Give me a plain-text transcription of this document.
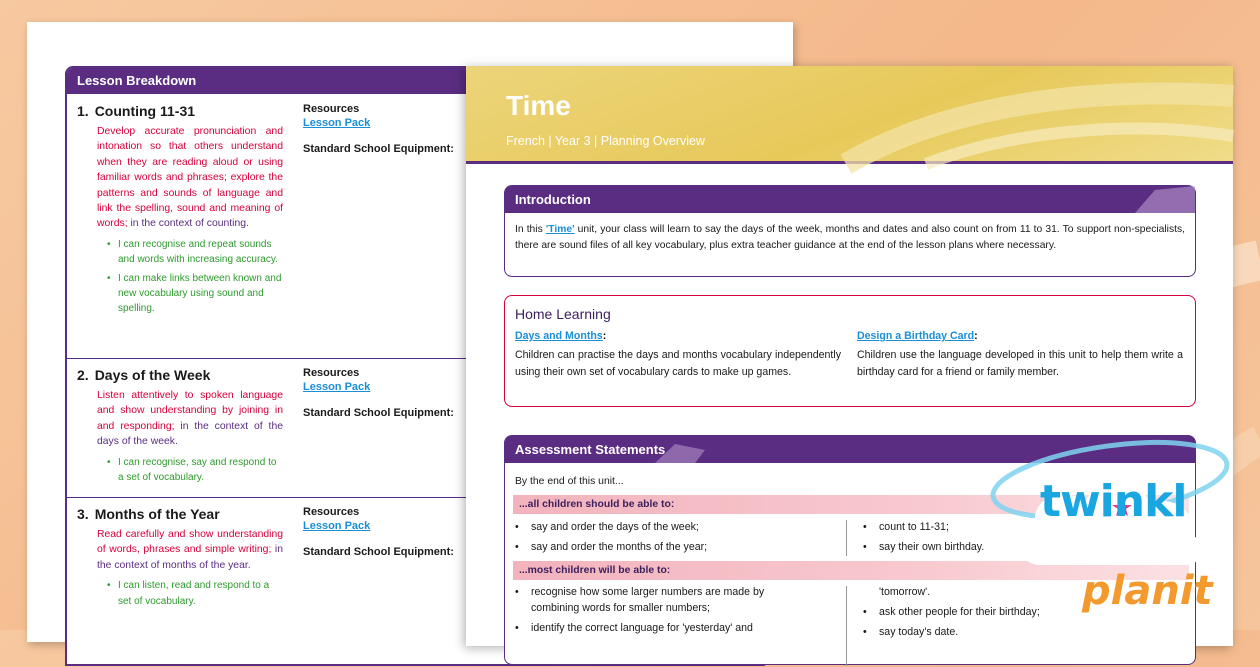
Lesson Breakdown
1. Counting 11-31
Develop accurate pronunciation and intonation so that others understand when they are reading aloud or using familiar words and phrases; explore the patterns and sounds of language and link the spelling, sound and meaning of words; in the context of counting.
• I can recognise and repeat sounds and words with increasing accuracy.
• I can make links between known and new vocabulary using sound and spelling.
Resources
Lesson Pack
Standard School Equipment:
2. Days of the Week
Listen attentively to spoken language and show understanding by joining in and responding; in the context of the days of the week.
• I can recognise, say and respond to a set of vocabulary.
Resources
Lesson Pack
Standard School Equipment:
3. Months of the Year
Read carefully and show understanding of words, phrases and simple writing; in the context of months of the year.
• I can listen, read and respond to a set of vocabulary.
Resources
Lesson Pack
Standard School Equipment:
Time
French | Year 3 | Planning Overview
Introduction
In this 'Time' unit, your class will learn to say the days of the week, months and dates and also count on from 11 to 31. To support non-specialists, there are sound files of all key vocabulary, plus extra teacher guidance at the end of the lesson plans where necessary.
Home Learning
Days and Months:

Children can practise the days and months vocabulary independently using their own set of vocabulary cards to make up games.

Design a Birthday Card:

Children use the language developed in this unit to help them write a birthday card for a friend or family member.

Assessment Statements
By the end of this unit...
...all children should be able to:
• say and order the days of the week;
• say and order the months of the year;
• count to 11-31;
• say their own birthday.
...most children will be able to:
• recognise how some larger numbers are made by combining words for smaller numbers;
• identify the correct language for 'yesterday' and
'tomorrow'.
• ask other people for their birthday;
• say today's date.
twinkl
planit
